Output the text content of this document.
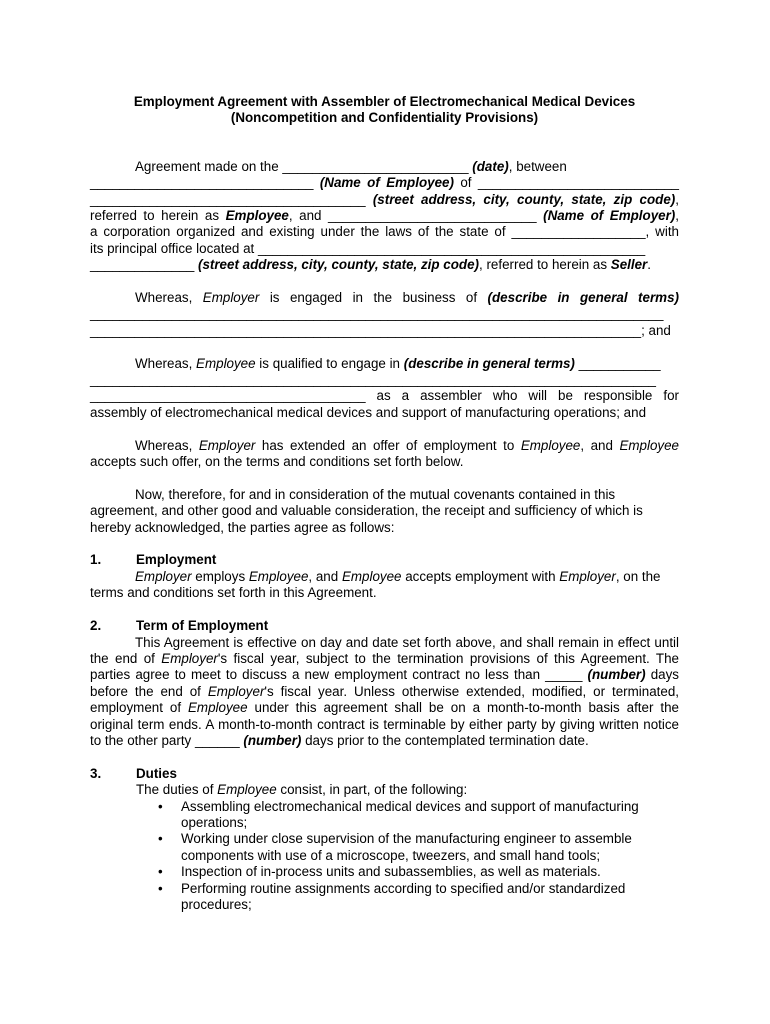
Employment Agreement with Assembler of Electromechanical Medical Devices

(Noncompetition and Confidentiality Provisions)

Agreement made on the _________________________ (date), between

______________________________ (Name of Employee) of ___________________________

_____________________________________ (street address, city, county, state, zip code),

referred to herein as Employee, and ____________________________ (Name of Employer),

a corporation organized and existing under the laws of the state of __________________, with

its principal office located at ____________________________________________________

______________ (street address, city, county, state, zip code), referred to herein as Seller.

Whereas, Employer is engaged in the business of (describe in general terms)

_____________________________________________________________________________

__________________________________________________________________________; and

Whereas, Employee is qualified to engage in (describe in general terms) ___________

____________________________________________________________________________

_____________________________________ as a assembler who will be responsible for

assembly of electromechanical medical devices and support of manufacturing operations; and

Whereas, Employer has extended an offer of employment to Employee, and Employee accepts such offer, on the terms and conditions set forth below.

Now, therefore, for and in consideration of the mutual covenants contained in this agreement, and other good and valuable consideration, the receipt and sufficiency of which is hereby acknowledged, the parties agree as follows:

1.	Employment

Employer employs Employee, and Employee accepts employment with Employer, on the terms and conditions set forth in this Agreement.

2.	Term of Employment

This Agreement is effective on day and date set forth above, and shall remain in effect until the end of Employer's fiscal year, subject to the termination provisions of this Agreement. The parties agree to meet to discuss a new employment contract no less than _____ (number) days before the end of Employer's fiscal year. Unless otherwise extended, modified, or terminated, employment of Employee under this agreement shall be on a month-to-month basis after the original term ends. A month-to-month contract is terminable by either party by giving written notice to the other party ______ (number) days prior to the contemplated termination date.

3.	Duties

The duties of Employee consist, in part, of the following:

• Assembling electromechanical medical devices and support of manufacturing operations;
• Working under close supervision of the manufacturing engineer to assemble components with use of a microscope, tweezers, and small hand tools;
• Inspection of in-process units and subassemblies, as well as materials.
• Performing routine assignments according to specified and/or standardized procedures;
